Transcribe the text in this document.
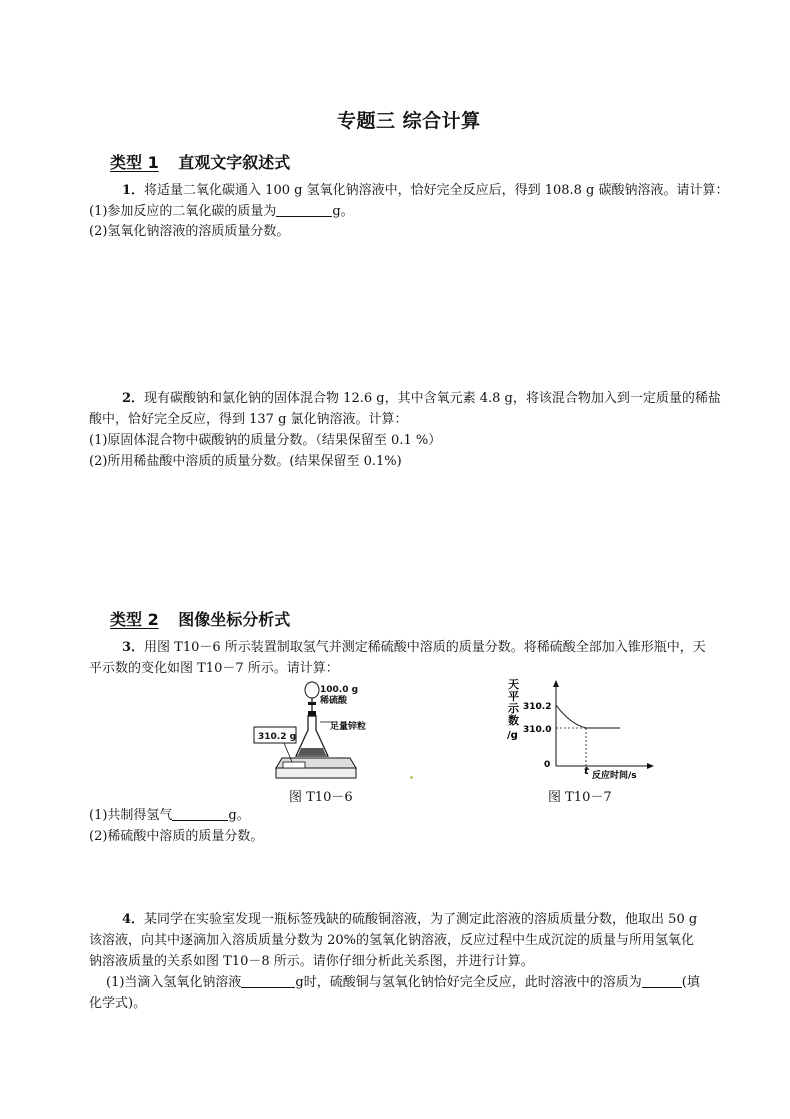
专题三 综合计算
类型 1 直观文字叙述式
1．将适量二氧化碳通入 100 g 氢氧化钠溶液中，恰好完全反应后，得到 108.8 g 碳酸钠溶液。请计算：
(1)参加反应的二氧化碳的质量为	g。
(2)氢氧化钠溶液的溶质质量分数。
2．现有碳酸钠和氯化钠的固体混合物 12.6 g，其中含氧元素 4.8 g，将该混合物加入到一定质量的稀盐
酸中，恰好完全反应，得到 137 g 氯化钠溶液。计算：
(1)原固体混合物中碳酸钠的质量分数。（结果保留至 0.1 %）
(2)所用稀盐酸中溶质的质量分数。(结果保留至 0.1%)
类型 2 图像坐标分析式
3．用图 T10－6 所示装置制取氢气并测定稀硫酸中溶质的质量分数。将稀硫酸全部加入锥形瓶中，天
平示数的变化如图 T10－7 所示。请计算：
100.0 g
稀硫酸
足量锌粒
310.2 g
图 T10－6
天
平
示
数
/g
310.2
310.0
0
t 反应时间/s
图 T10－7
(1)共制得氢气	g。
(2)稀硫酸中溶质的质量分数。
4．某同学在实验室发现一瓶标签残缺的硫酸铜溶液，为了测定此溶液的溶质质量分数，他取出 50 g
该溶液，向其中逐滴加入溶质质量分数为 20%的氢氧化钠溶液，反应过程中生成沉淀的质量与所用氢氧化
钠溶液质量的关系如图 T10－8 所示。请你仔细分析此关系图，并进行计算。
(1)当滴入氢氧化钠溶液	g时，硫酸铜与氢氧化钠恰好完全反应，此时溶液中的溶质为	(填
化学式)。
